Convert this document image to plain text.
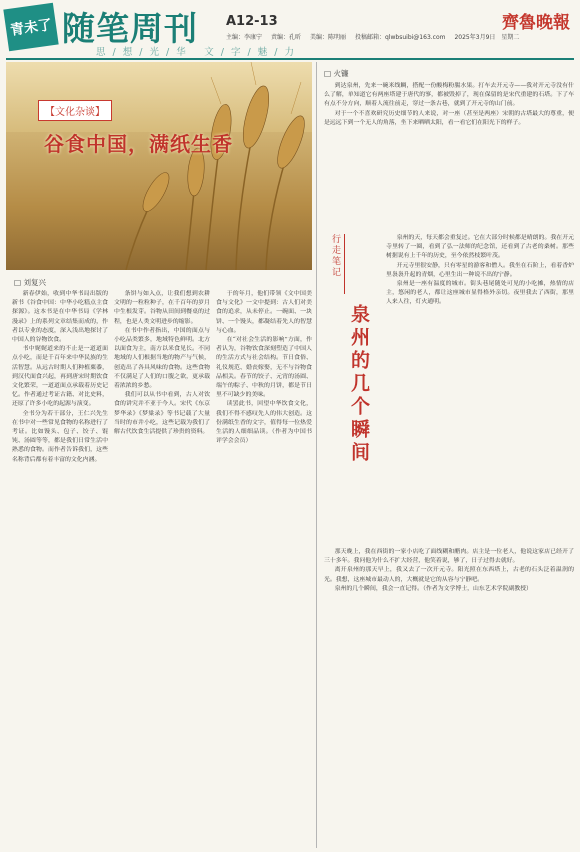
青未了 随笔周刊
思 / 想 / 光 / 华 　文 / 字 / 魅 / 力
A12-13	齊魯晚報
主编：李康宁 责编：孔昕 美编：陈明丽 投稿邮箱：qlwbsuibi@163.com 2025年3月9日　星期二
【文化杂谈】
谷食中国，满纸生香
□ 刘复兴

新春伊始，收到中华书局出版的新书《谷食中国：中华小吃糕点主食探源》。这本书是在中华书局《学林漫录》上的系列文章结集而成的，作者以专业的态度，深入浅出地探讨了中国人的谷物饮食。

书中娓娓道来的不止是一道道面点小吃，而是千百年来中华民族的生活智慧。从远古时期人们种植粟黍，到汉代面食兴起，再到唐宋时期饮食文化繁荣，一道道面点承载着历史记忆。作者通过考证古籍、对比史料，还原了许多小吃的起源与演变。

全书分为若干部分，王仁兴先生在书中对一些常见食物的名称进行了考证。比如馒头、包子、饺子、馄饨、汤圆等等，都是我们日常生活中熟悉的食物。而作者告诉我们，这些名称背后都有着丰富的文化内涵。

条饼与如入点，让我们想到农耕文明的一粒粒种子，在千百年的岁月中生根发芽。谷物从田间到餐桌的过程，也是人类文明进步的缩影。

在书中作者指出，中国的面点与小吃品类繁多，地域特色鲜明。北方以面食为主，南方以米食见长。不同地域的人们根据当地的物产与气候，创造出了各具风味的食物。这些食物不仅满足了人们的口腹之欲，更承载着浓浓的乡愁。

我们可以从书中看到，古人对饮食的讲究并不亚于今人。宋代《东京梦华录》《梦粱录》等书记载了大量当时的市井小吃，这些记载为我们了解古代饮食生活提供了珍贵的资料。

于的年月，他们带领《文中国美食与文化》一文中提到：古人们对美食的追求，从未停止。一碗面、一块饼、一个馒头，都凝结着先人的智慧与心血。

在“对社会生活的影响”方面，作者认为，谷物饮食深刻塑造了中国人的生活方式与社会结构。节日食俗、礼仪规范、婚丧嫁娶，无不与谷物食品相关。春节的饺子、元宵的汤圆、端午的粽子、中秋的月饼，都是节日里不可缺少的美味。

读罢此书，回望中华饮食文化，我们不得不感叹先人的伟大创造。这份满纸生香的文字，值得每一位热爱生活的人细细品读。（作者为中国书评学会会员）

□ 火镰

到达泉州，先来一碗米线鲷，搭配一份酸梅粉腸水果。打车去开元寺——我对开元寺没有什么了解，单知道它有两座塔建于唐代的寥，都被毁掉了，现在保留的是宋代重建的石塔。下了车有点不分方向，顺着人流往前走，穿过一条古巷，就到了开元寺的山门前。

对于一个不喜欢研究历史细节的人来说，对一座（甚至是两座）宋朝的古塔最大的尊重，便是远远下到一个无人的角落，坐下来晒晒太阳，看一看它们在阳光下的样子。

行走笔记
泉州的几个瞬间

泉州的天，每天都会重复过。它在大部分时候都是晴朗的。我在开元寺里转了一圈，看到了弘一法师的纪念馆，还看到了古老的桑树。那些树据说有上千年的历史，至今依然枝繁叶茂。

开元寺里很安静，只有零星的游客和僧人。我坐在石阶上，看着香炉里袅袅升起的青烟，心里生出一种说不出的宁静。

泉州是一座有温度的城市。街头巷尾随处可见的小吃摊，热情的店主，悠闲的老人，都让这座城市显得格外亲切。夜里我去了西街，那里人来人往，灯火通明。

那天晚上，我在西街的一家小店吃了面线糊和醋肉。店主是一位老人，他说这家店已经开了三十多年。我问他为什么不扩大经营，他笑着说，够了，日子过得去就好。

离开泉州的那天早上，我又去了一次开元寺。阳光照在东西塔上，古老的石头泛着温润的光。我想，这座城市最动人的，大概就是它的从容与宁静吧。

泉州的几个瞬间，我会一直记得。（作者为文学博士，山东艺术学院副教授）
